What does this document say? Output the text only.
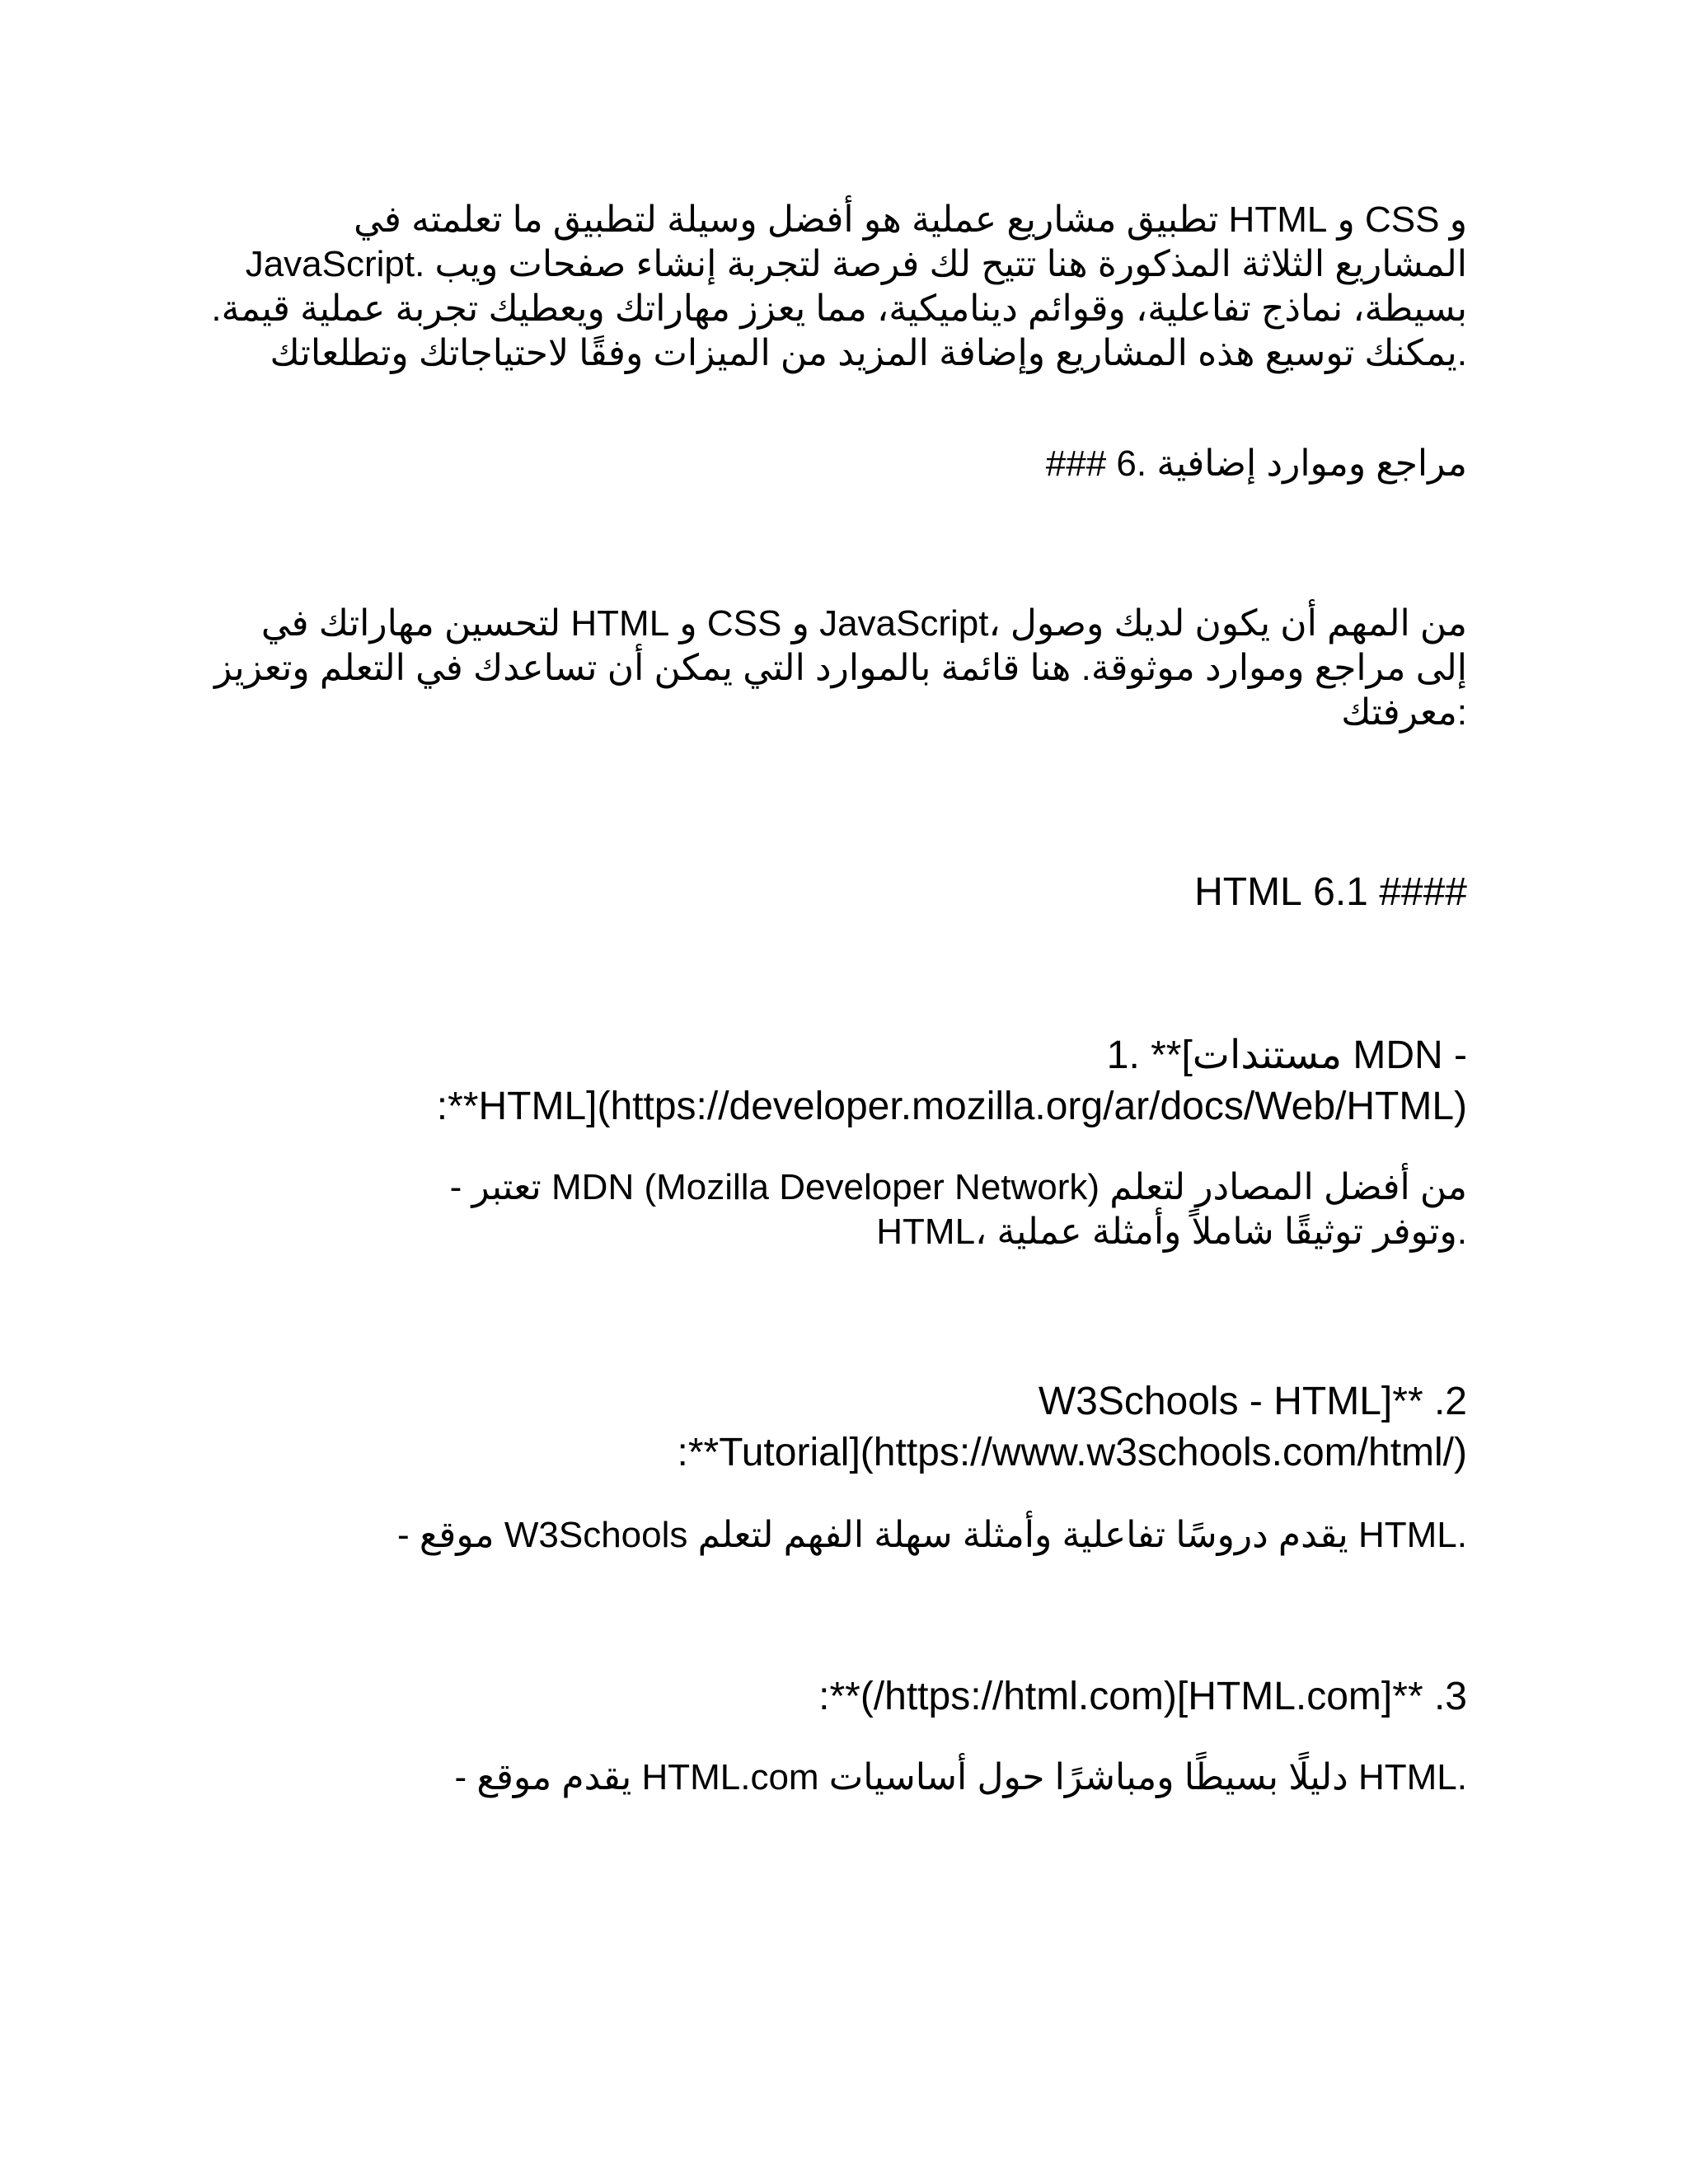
و CSS و HTML تطبيق مشاريع عملية هو أفضل وسيلة لتطبيق ما تعلمته في
المشاريع الثلاثة المذكورة هنا تتيح لك فرصة لتجربة إنشاء صفحات ويب .JavaScript
بسيطة، نماذج تفاعلية، وقوائم ديناميكية، مما يعزز مهاراتك ويعطيك تجربة عملية قيمة.
.يمكنك توسيع هذه المشاريع وإضافة المزيد من الميزات وفقًا لاحتياجاتك وتطلعاتك

مراجع وموارد إضافية .6 ###

من المهم أن يكون لديك وصول ،JavaScript و CSS و HTML لتحسين مهاراتك في
إلى مراجع وموارد موثوقة. هنا قائمة بالموارد التي يمكن أن تساعدك في التعلم وتعزيز
:معرفتك

#### 6.1 HTML

- MDN مستندات]** .1
HTML](https://developer.mozilla.org/ar/docs/Web/HTML)**:

من أفضل المصادر لتعلم MDN (Mozilla Developer Network) تعتبر -
.وتوفر توثيقًا شاملاً وأمثلة عملية ،HTML

2. **[W3Schools - HTML
Tutorial](https://www.w3schools.com/html/)**:

.HTML يقدم دروسًا تفاعلية وأمثلة سهلة الفهم لتعلم W3Schools موقع -

3. **[HTML.com](https://html.com/)**:

.HTML دليلًا بسيطًا ومباشرًا حول أساسيات HTML.com يقدم موقع -
